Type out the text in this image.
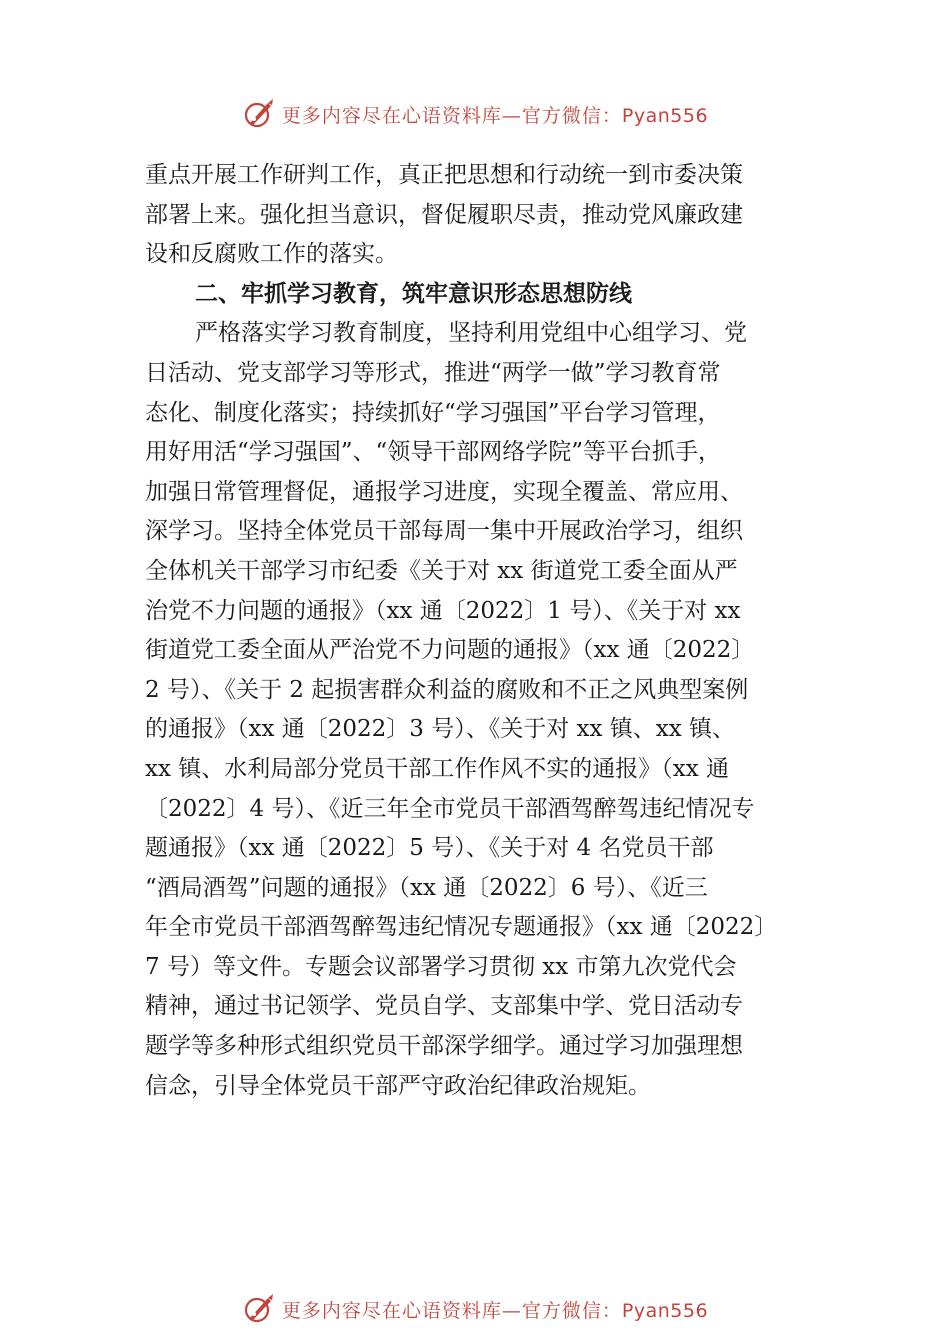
更多内容尽在心语资料库—官方微信：Pyan556
重点开展工作研判工作，真正把思想和行动统一到市委决策
部署上来。强化担当意识，督促履职尽责，推动党风廉政建
设和反腐败工作的落实。
二、牢抓学习教育，筑牢意识形态思想防线
严格落实学习教育制度，坚持利用党组中心组学习、党
日活动、党支部学习等形式，推进“两学一做”学习教育常
态化、制度化落实；持续抓好“学习强国”平台学习管理，
用好用活“学习强国”、“领导干部网络学院”等平台抓手，
加强日常管理督促，通报学习进度，实现全覆盖、常应用、
深学习。坚持全体党员干部每周一集中开展政治学习，组织
全体机关干部学习市纪委《关于对 xx 街道党工委全面从严
治党不力问题的通报》（xx 通〔2022〕1 号）、《关于对 xx
街道党工委全面从严治党不力问题的通报》（xx 通〔2022〕
2 号）、《关于 2 起损害群众利益的腐败和不正之风典型案例
的通报》（xx 通〔2022〕3 号）、《关于对 xx 镇、xx 镇、
xx 镇、水利局部分党员干部工作作风不实的通报》（xx 通
〔2022〕4 号）、《近三年全市党员干部酒驾醉驾违纪情况专
题通报》（xx 通〔2022〕5 号）、《关于对 4 名党员干部
“酒局酒驾”问题的通报》（xx 通〔2022〕6 号）、《近三
年全市党员干部酒驾醉驾违纪情况专题通报》（xx 通〔2022〕
7 号）等文件。专题会议部署学习贯彻 xx 市第九次党代会
精神，通过书记领学、党员自学、支部集中学、党日活动专
题学等多种形式组织党员干部深学细学。通过学习加强理想
信念，引导全体党员干部严守政治纪律政治规矩。
更多内容尽在心语资料库—官方微信：Pyan556
